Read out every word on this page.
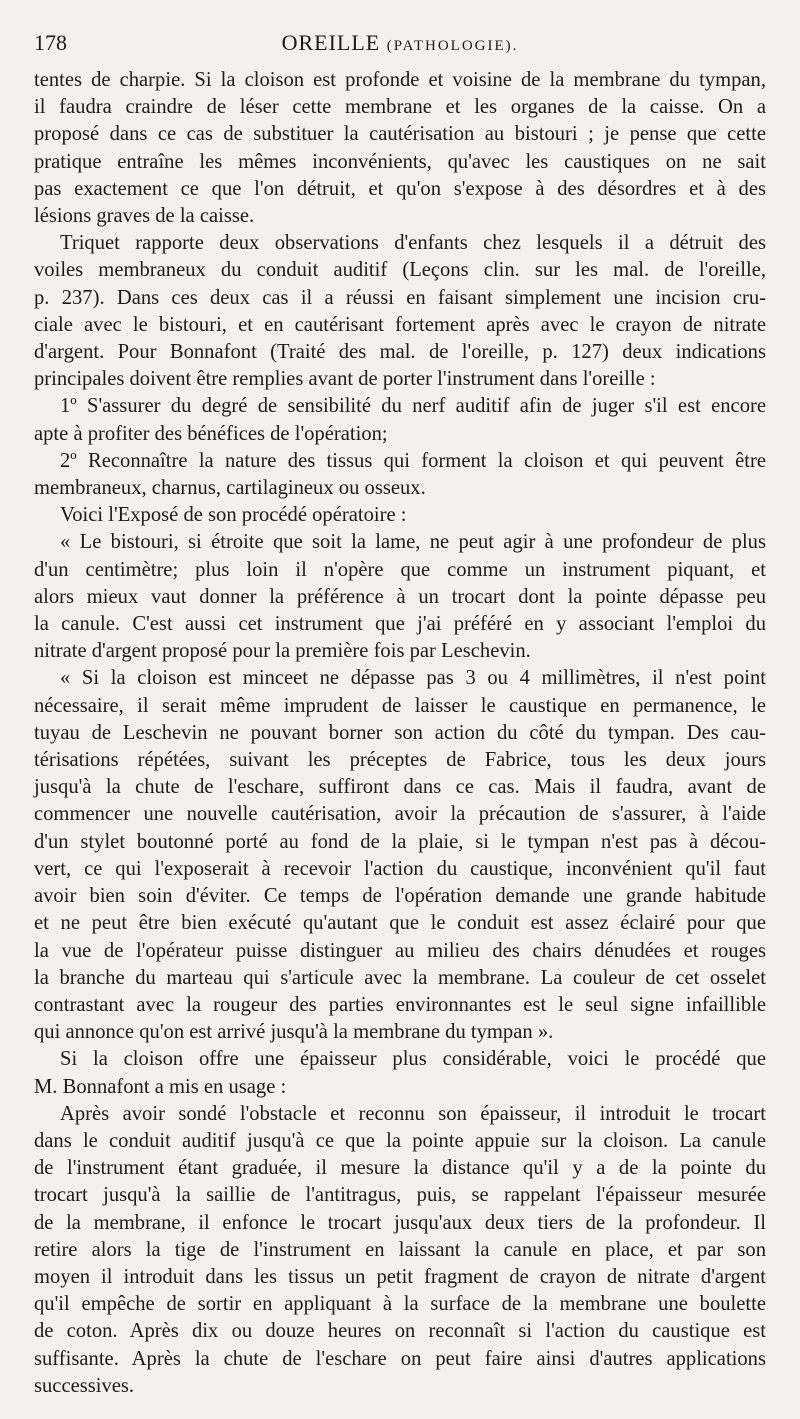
178	OREILLE (PATHOLOGIE).
tentes de charpie. Si la cloison est profonde et voisine de la membrane du tympan,
il faudra craindre de léser cette membrane et les organes de la caisse. On a
proposé dans ce cas de substituer la cautérisation au bistouri ; je pense que cette
pratique entraîne les mêmes inconvénients, qu'avec les caustiques on ne sait
pas exactement ce que l'on détruit, et qu'on s'expose à des désordres et à des
lésions graves de la caisse.
Triquet rapporte deux observations d'enfants chez lesquels il a détruit des
voiles membraneux du conduit auditif (Leçons clin. sur les mal. de l'oreille,
p. 237). Dans ces deux cas il a réussi en faisant simplement une incision cru-
ciale avec le bistouri, et en cautérisant fortement après avec le crayon de nitrate
d'argent. Pour Bonnafont (Traité des mal. de l'oreille, p. 127) deux indications
principales doivent être remplies avant de porter l'instrument dans l'oreille :
1º S'assurer du degré de sensibilité du nerf auditif afin de juger s'il est encore
apte à profiter des bénéfices de l'opération;
2º Reconnaître la nature des tissus qui forment la cloison et qui peuvent être
membraneux, charnus, cartilagineux ou osseux.
Voici l'Exposé de son procédé opératoire :
« Le bistouri, si étroite que soit la lame, ne peut agir à une profondeur de plus
d'un centimètre; plus loin il n'opère que comme un instrument piquant, et
alors mieux vaut donner la préférence à un trocart dont la pointe dépasse peu
la canule. C'est aussi cet instrument que j'ai préféré en y associant l'emploi du
nitrate d'argent proposé pour la première fois par Leschevin.
« Si la cloison est minceet ne dépasse pas 3 ou 4 millimètres, il n'est point
nécessaire, il serait même imprudent de laisser le caustique en permanence, le
tuyau de Leschevin ne pouvant borner son action du côté du tympan. Des cau-
térisations répétées, suivant les préceptes de Fabrice, tous les deux jours
jusqu'à la chute de l'eschare, suffiront dans ce cas. Mais il faudra, avant de
commencer une nouvelle cautérisation, avoir la précaution de s'assurer, à l'aide
d'un stylet boutonné porté au fond de la plaie, si le tympan n'est pas à décou-
vert, ce qui l'exposerait à recevoir l'action du caustique, inconvénient qu'il faut
avoir bien soin d'éviter. Ce temps de l'opération demande une grande habitude
et ne peut être bien exécuté qu'autant que le conduit est assez éclairé pour que
la vue de l'opérateur puisse distinguer au milieu des chairs dénudées et rouges
la branche du marteau qui s'articule avec la membrane. La couleur de cet osselet
contrastant avec la rougeur des parties environnantes est le seul signe infaillible
qui annonce qu'on est arrivé jusqu'à la membrane du tympan ».
Si la cloison offre une épaisseur plus considérable, voici le procédé que
M. Bonnafont a mis en usage :
Après avoir sondé l'obstacle et reconnu son épaisseur, il introduit le trocart
dans le conduit auditif jusqu'à ce que la pointe appuie sur la cloison. La canule
de l'instrument étant graduée, il mesure la distance qu'il y a de la pointe du
trocart jusqu'à la saillie de l'antitragus, puis, se rappelant l'épaisseur mesurée
de la membrane, il enfonce le trocart jusqu'aux deux tiers de la profondeur. Il
retire alors la tige de l'instrument en laissant la canule en place, et par son
moyen il introduit dans les tissus un petit fragment de crayon de nitrate d'argent
qu'il empêche de sortir en appliquant à la surface de la membrane une boulette
de coton. Après dix ou douze heures on reconnaît si l'action du caustique est
suffisante. Après la chute de l'eschare on peut faire ainsi d'autres applications
successives.
